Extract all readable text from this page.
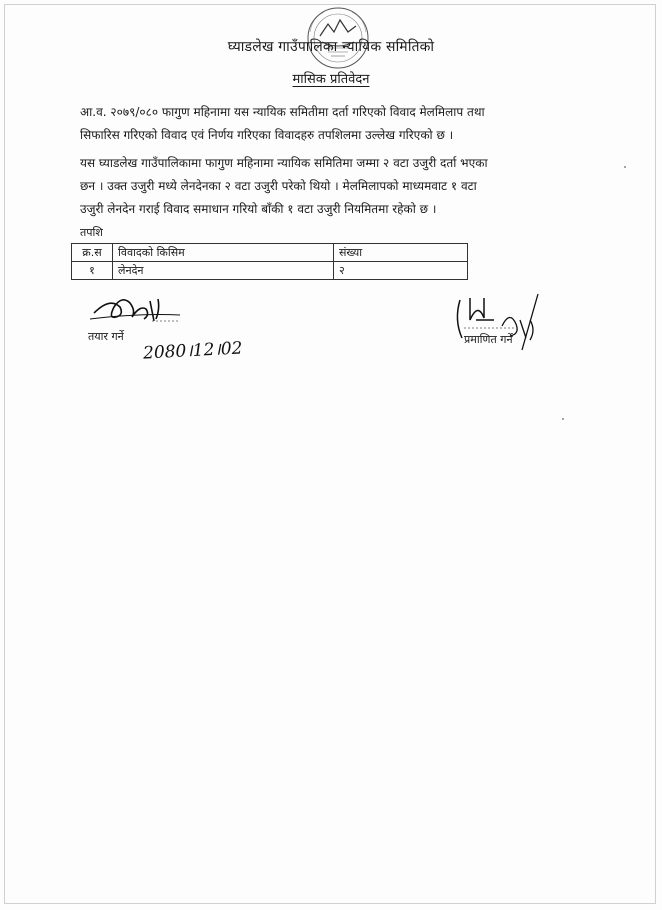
घ्याडलेख गाउँपालिका न्यायिक समितिको
मासिक प्रतिवेदन
आ.व. २०७९/०८० फागुण महिनामा यस न्यायिक समितीमा दर्ता गरिएको विवाद मेलमिलाप तथा
सिफारिस गरिएको विवाद एवं निर्णय गरिएका विवादहरु तपशिलमा उल्लेख गरिएको छ ।
यस घ्याडलेख गाउँपालिकामा फागुण महिनामा न्यायिक समितिमा जम्मा २ वटा उजुरी दर्ता भएका
छन । उक्त उजुरी मध्ये लेनदेनका २ वटा उजुरी परेको थियो । मेलमिलापको माध्यमवाट १ वटा
उजुरी लेनदेन गराई विवाद समाधान गरियो बाँकी १ वटा उजुरी नियमितमा रहेको छ ।
तपशि
क्र.स	विवादको किसिम	संख्या
१	लेनदेन	२
तयार गर्ने
2080।12।02	प्रमाणित गर्ने
